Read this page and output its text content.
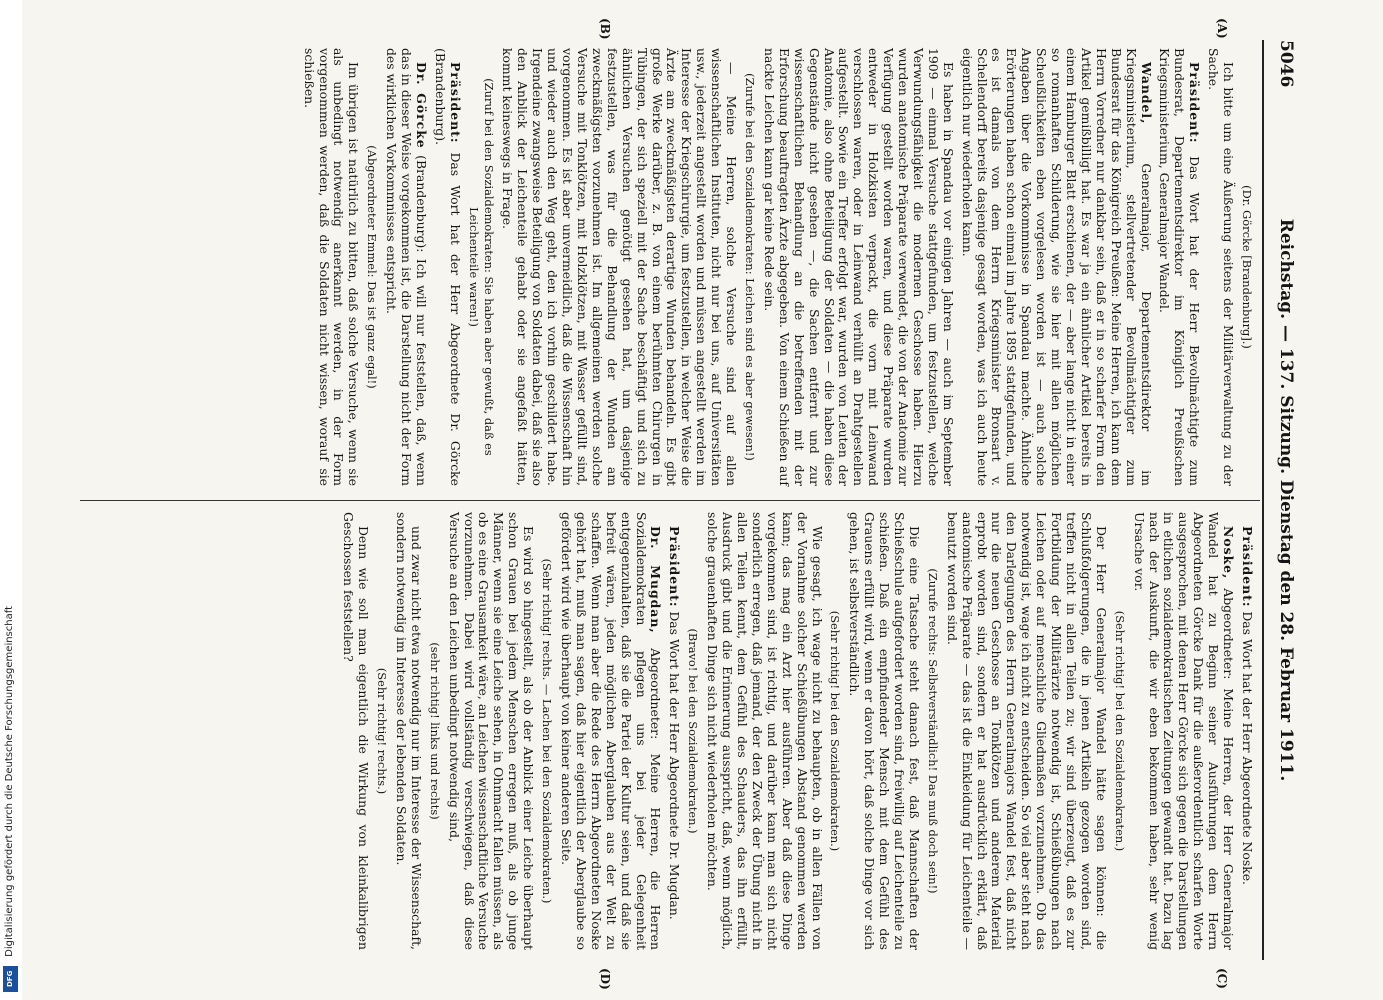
Digitalisierung gefördert durch die Deutsche Forschungsgemeinschaft
DFG
5046
Reichstag. — 137. Sitzung. Dienstag den 28. Februar 1911.
(A)
(B)
(C)
(D)

(Dr. Görcke [Brandenburg].)

Ich bitte um eine Äußerung seitens der Militärverwaltung zu der Sache.

Präsident: Das Wort hat der Herr Bevollmächtigte zum Bundesrat, Departementsdirektor im Königlich Preußischen Kriegsministerium, Generalmajor Wandel.

Wandel, Generalmajor, Departementsdirektor im Kriegsministerium, stellvertretender Bevollmächtigter zum Bundesrat für das Königreich Preußen: Meine Herren, ich kann dem Herrn Vorredner nur dankbar sein, daß er in so scharfer Form den Artikel gemißbilligt hat. Es war ja ein ähnlicher Artikel bereits in einem Hamburger Blatt erschienen, der — aber lange nicht in einer so romanhaften Schilderung, wie sie hier mit allen möglichen Scheußlichkeiten eben vorgelesen worden ist — auch solche Angaben über die Vorkommnisse in Spandau machte. Ähnliche Erörterungen haben schon einmal im Jahre 1895 stattgefunden, und es ist damals von dem Herrn Kriegsminister Bronsart v. Schellendorff bereits dasjenige gesagt worden, was ich auch heute eigentlich nur wiederholen kann.

Es haben in Spandau vor einigen Jahren — auch im September 1909 — einmal Versuche stattgefunden, um festzustellen, welche Verwundungsfähigkeit die modernen Geschosse haben. Hierzu wurden anatomische Präparate verwendet, die von der Anatomie zur Verfügung gestellt worden waren, und diese Präparate wurden entweder in Holzkisten verpackt, die vorn mit Leinwand verschlossen waren, oder in Leinwand verhüllt an Drahtgestellen aufgestellt. Sowie ein Treffer erfolgt war, wurden von Leuten der Anatomie, also ohne Beteiligung der Soldaten — die haben diese Gegenstände nicht gesehen —, die Sachen entfernt und zur wissenschaftlichen Behandlung an die betreffenden mit der Erforschung beauftragten Ärzte abgegeben. Von einem Schießen auf nackte Leichen kann gar keine Rede sein.

(Zurufe bei den Sozialdemokraten: Leichen sind es aber gewesen!)

— Meine Herren, solche Versuche sind auf allen wissenschaftlichen Instituten, nicht nur bei uns, auf Universitäten usw., jederzeit angestellt worden und müssen angestellt werden im Interesse der Kriegschirurgie, um festzustellen, in welcher Weise die Ärzte am zweckmäßigsten derartige Wunden behandeln. Es gibt große Werke darüber, z. B. von einem berühmten Chirurgen in Tübingen, der sich speziell mit der Sache beschäftigt und sich zu ähnlichen Versuchen genötigt gesehen hat, um dasjenige festzustellen, was für die Behandlung der Wunden am zweckmäßigsten vorzunehmen ist. Im allgemeinen werden solche Versuche mit Tonklötzen, mit Holzklötzen, mit Wasser gefüllt sind, vorgenommen. Es ist aber unvermeidlich, daß die Wissenschaft hin und wieder auch den Weg geht, den ich vorhin geschildert habe. Irgendeine zwangsweise Beteiligung von Soldaten dabei, daß sie also den Anblick der Leichenteile gehabt oder sie angefaßt hätten, kommt keineswegs in Frage.

(Zuruf bei den Sozialdemokraten: Sie haben aber gewußt, daß es Leichenteile waren!)

Präsident: Das Wort hat der Herr Abgeordnete Dr. Görcke (Brandenburg).

Dr. Görcke (Brandenburg): Ich will nur feststellen, daß, wenn das in dieser Weise vorgekommen ist, die Darstellung nicht der Form des wirklichen Vorkommnisses entspricht.

(Abgeordneter Emmel: Das ist ganz egal!)

Im übrigen ist natürlich zu bitten, daß solche Versuche, wenn sie als unbedingt notwendig anerkannt werden, in der Form vorgenommen werden, daß die Soldaten nicht wissen, worauf sie schießen.

Präsident: Das Wort hat der Herr Abgeordnete Noske.

Noske, Abgeordneter: Meine Herren, der Herr Generalmajor Wandel hat zu Beginn seiner Ausführungen dem Herrn Abgeordneten Görcke Dank für die außerordentlich scharfen Worte ausgesprochen, mit denen Herr Görcke sich gegen die Darstellungen in etlichen sozialdemokratischen Zeitungen gewandt hat. Dazu lag nach der Auskunft, die wir eben bekommen haben, sehr wenig Ursache vor.

(Sehr richtig! bei den Sozialdemokraten.)

Der Herr Generalmajor Wandel hätte sagen können: die Schlußfolgerungen, die in jenen Artikeln gezogen worden sind, treffen nicht in allen Teilen zu; wir sind überzeugt, daß es zur Fortbildung der Militärärzte notwendig ist, Schießübungen nach Leichen oder auf menschliche Gliedmaßen vorzunehmen. Ob das notwendig ist, wage ich nicht zu entscheiden. So viel aber steht nach den Darlegungen des Herrn Generalmajors Wandel fest, daß nicht nur die neuen Geschosse an Tonklötzen und anderem Material erprobt worden sind, sondern er hat ausdrücklich erklärt, daß anatomische Präparate — das ist die Einkleidung für Leichenteile — benutzt worden sind.

(Zurufe rechts: Selbstverständlich! Das muß doch sein!)

Die eine Tatsache steht danach fest, daß Mannschaften der Schießschule aufgefordert worden sind, freiwillig auf Leichenteile zu schießen. Daß ein empfindender Mensch mit dem Gefühl des Grauens erfüllt wird, wenn er davon hört, daß solche Dinge vor sich gehen, ist selbstverständlich.

(Sehr richtig! bei den Sozialdemokraten.)

Wie gesagt, ich wage nicht zu behaupten, ob in allen Fällen von der Vornahme solcher Schießübungen Abstand genommen werden kann; das mag ein Arzt hier ausführen. Aber daß diese Dinge vorgekommen sind, ist richtig, und darüber kann man sich nicht sonderlich erregen, daß jemand, der den Zweck der Übung nicht in allen Teilen kennt, dem Gefühl des Schauders, das ihn erfüllt, Ausdruck gibt und die Erinnerung ausspricht, daß, wenn möglich, solche grauenhaften Dinge sich nicht wiederholen möchten.

(Bravo! bei den Sozialdemokraten.)

Präsident: Das Wort hat der Herr Abgeordnete Dr. Mugdan.

Dr. Mugdan, Abgeordneter: Meine Herren, die Herren Sozialdemokraten pflegen uns bei jeder Gelegenheit entgegenzuhalten, daß sie die Partei der Kultur seien, und daß sie befreit wären, jeden möglichen Aberglauben aus der Welt zu schaffen. Wenn man aber die Rede des Herrn Abgeordneten Noske gehört hat, muß man sagen, daß hier eigentlich der Aberglaube so gefördert wird wie überhaupt von keiner anderen Seite.

(Sehr richtig! rechts. — Lachen bei den Sozialdemokraten.)

Es wird so hingestellt, als ob der Anblick einer Leiche überhaupt schon Grauen bei jedem Menschen erregen muß, als ob junge Männer, wenn sie eine Leiche sehen, in Ohnmacht fallen müssen, als ob es eine Grausamkeit wäre, an Leichen wissenschaftliche Versuche vorzunehmen. Dabei wird vollständig verschwiegen, daß diese Versuche an den Leichen unbedingt notwendig sind,

(sehr richtig! links und rechts)

und zwar nicht etwa notwendig nur im Interesse der Wissenschaft, sondern notwendig im Interesse der lebenden Soldaten.

(Sehr richtig! rechts.)

Denn wie soll man eigentlich die Wirkung von kleinkalibrigen Geschossen feststellen?
